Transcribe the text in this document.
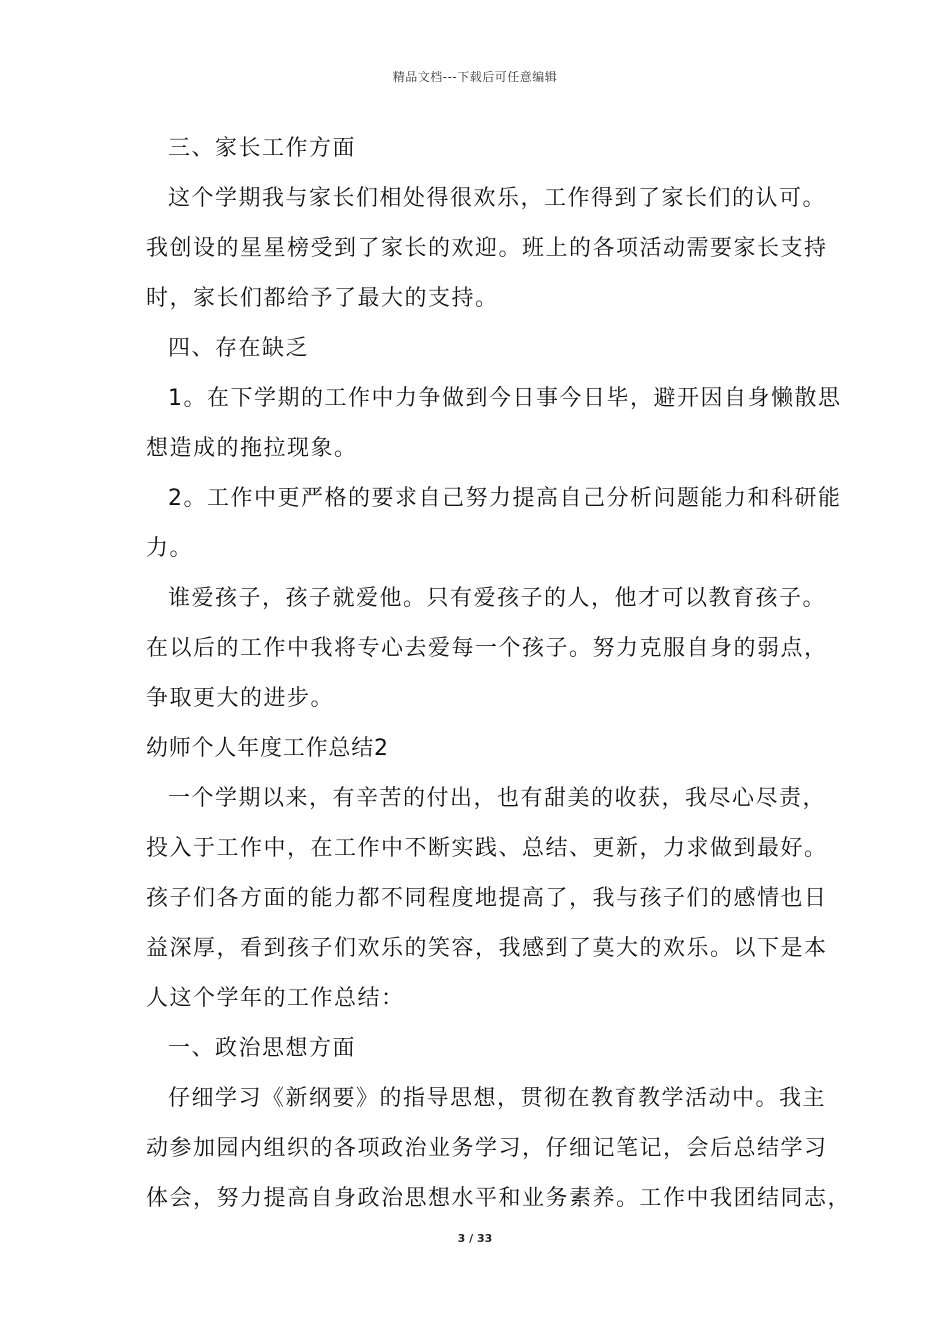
精品文档---下载后可任意编辑
三、家长工作方面
这个学期我与家长们相处得很欢乐，工作得到了家长们的认可。
我创设的星星榜受到了家长的欢迎。班上的各项活动需要家长支持
时，家长们都给予了最大的支持。
四、存在缺乏
1。在下学期的工作中力争做到今日事今日毕，避开因自身懒散思
想造成的拖拉现象。
2。工作中更严格的要求自己努力提高自己分析问题能力和科研能
力。
谁爱孩子，孩子就爱他。只有爱孩子的人，他才可以教育孩子。
在以后的工作中我将专心去爱每一个孩子。努力克服自身的弱点，
争取更大的进步。
幼师个人年度工作总结2
一个学期以来，有辛苦的付出，也有甜美的收获，我尽心尽责，
投入于工作中，在工作中不断实践、总结、更新，力求做到最好。
孩子们各方面的能力都不同程度地提高了，我与孩子们的感情也日
益深厚，看到孩子们欢乐的笑容，我感到了莫大的欢乐。以下是本
人这个学年的工作总结：
一、政治思想方面
仔细学习《新纲要》的指导思想，贯彻在教育教学活动中。我主
动参加园内组织的各项政治业务学习，仔细记笔记，会后总结学习
体会，努力提高自身政治思想水平和业务素养。工作中我团结同志，
3 / 33
